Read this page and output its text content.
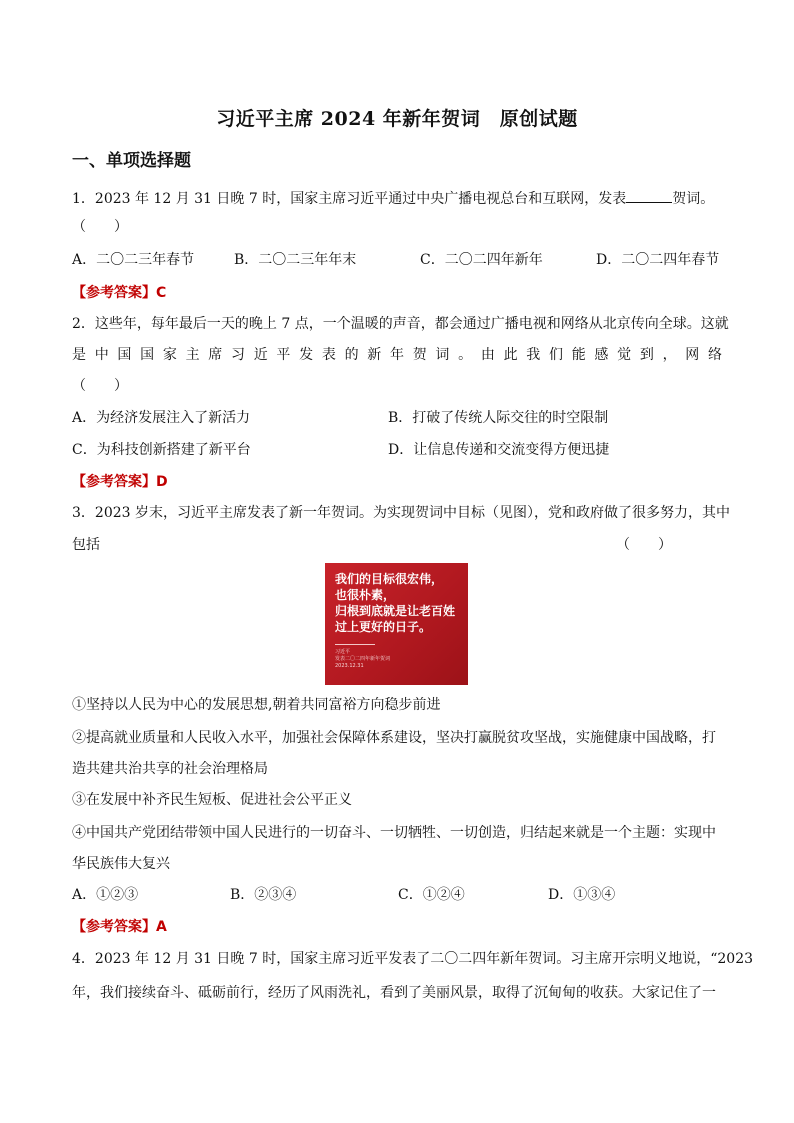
习近平主席 2024 年新年贺词　原创试题
一、单项选择题
1．2023 年 12 月 31 日晚 7 时，国家主席习近平通过中央广播电视总台和互联网，发表	贺词。
（　　）
A．二〇二三年春节	B．二〇二三年年末	C．二〇二四年新年	D．二〇二四年春节
【参考答案】C
2．这些年，每年最后一天的晚上 7 点，一个温暖的声音，都会通过广播电视和网络从北京传向全球。这就
是 中 国 国 家 主 席 习 近 平 发 表 的 新 年 贺 词 。 由 此 我 们 能 感 觉 到 ， 网 络
（　　）
A．为经济发展注入了新活力	B．打破了传统人际交往的时空限制
C．为科技创新搭建了新平台	D．让信息传递和交流变得方便迅捷
【参考答案】D
3．2023 岁末，习近平主席发表了新一年贺词。为实现贺词中目标（见图），党和政府做了很多努力，其中
包括	（　　）
我们的目标很宏伟，
也很朴素，
归根到底就是让老百姓
过上更好的日子。
习近平
发表二〇二四年新年贺词
2023.12.31
①坚持以人民为中心的发展思想,朝着共同富裕方向稳步前进
②提高就业质量和人民收入水平，加强社会保障体系建设，坚决打赢脱贫攻坚战，实施健康中国战略，打
造共建共治共享的社会治理格局
③在发展中补齐民生短板、促进社会公平正义
④中国共产党团结带领中国人民进行的一切奋斗、一切牺牲、一切创造，归结起来就是一个主题：实现中
华民族伟大复兴
A．①②③	B．②③④	C．①②④	D．①③④
【参考答案】A
4．2023 年 12 月 31 日晚 7 时，国家主席习近平发表了二〇二四年新年贺词。习主席开宗明义地说，“2023
年，我们接续奋斗、砥砺前行，经历了风雨洗礼，看到了美丽风景，取得了沉甸甸的收获。大家记住了一
